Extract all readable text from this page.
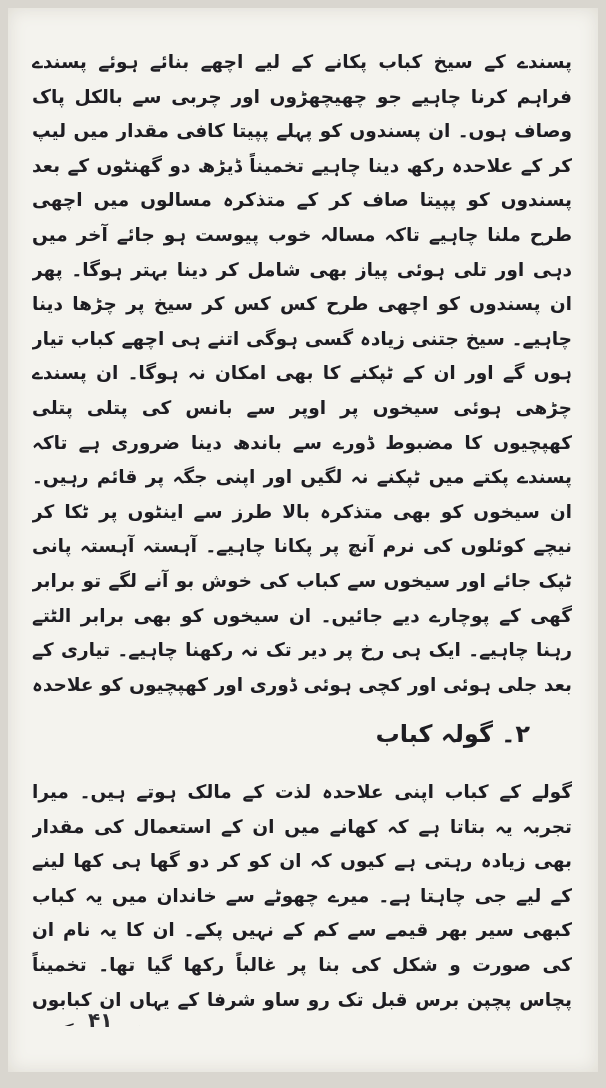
پسندے کے سیخ کباب پکانے کے لیے اچھے بنائے ہوئے پسندے فراہم کرنا چاہیے جو چھیچھڑوں اور چربی سے بالکل پاک وصاف ہوں۔ ان پسندوں کو پہلے پپیتا کافی مقدار میں لیپ کر کے علاحدہ رکھ دینا چاہیے تخمیناً ڈیڑھ دو گھنٹوں کے بعد پسندوں کو پپیتا صاف کر کے متذکرہ مسالوں میں اچھی طرح ملنا چاہیے تاکہ مسالہ خوب پیوست ہو جائے آخر میں دہی اور تلی ہوئی پیاز بھی شامل کر دینا بہتر ہوگا۔ پھر ان پسندوں کو اچھی طرح کس کس کر سیخ پر چڑھا دینا چاہیے۔ سیخ جتنی زیادہ گسی ہوگی اتنے ہی اچھے کباب تیار ہوں گے اور ان کے ٹپکنے کا بھی امکان نہ ہوگا۔ ان پسندے چڑھی ہوئی سیخوں پر اوپر سے بانس کی پتلی پتلی کھپچیوں کا مضبوط ڈورے سے باندھ دینا ضروری ہے تاکہ پسندے پکتے میں ٹپکنے نہ لگیں اور اپنی جگہ پر قائم رہیں۔ ان سیخوں کو بھی متذکرہ بالا طرز سے اینٹوں پر ٹکا کر نیچے کوئلوں کی نرم آنچ پر پکانا چاہیے۔ آہستہ آہستہ پانی ٹپک جائے اور سیخوں سے کباب کی خوش بو آنے لگے تو برابر گھی کے پوچارے دیے جائیں۔ ان سیخوں کو بھی برابر الٹتے رہنا چاہیے۔ ایک ہی رخ پر دیر تک نہ رکھنا چاہیے۔ تیاری کے بعد جلی ہوئی اور کچی ہوئی ڈوری اور کھپچیوں کو علاحدہ
۲۔ گولہ کباب
گولے کے کباب اپنی علاحدہ لذت کے مالک ہوتے ہیں۔ میرا تجربہ یہ بتاتا ہے کہ کھانے میں ان کے استعمال کی مقدار بھی زیادہ رہتی ہے کیوں کہ ان کو کر دو گھا ہی کھا لینے کے لیے جی چاہتا ہے۔ میرے چھوٹے سے خاندان میں یہ کباب کبھی سیر بھر قیمے سے کم کے نہیں پکے۔ ان کا یہ نام ان کی صورت و شکل کی بنا پر غالباً رکھا گیا تھا۔ تخمیناً پچاس پچپن برس قبل تک رو ساو شرفا کے یہاں ان کبابوں
۴۱
